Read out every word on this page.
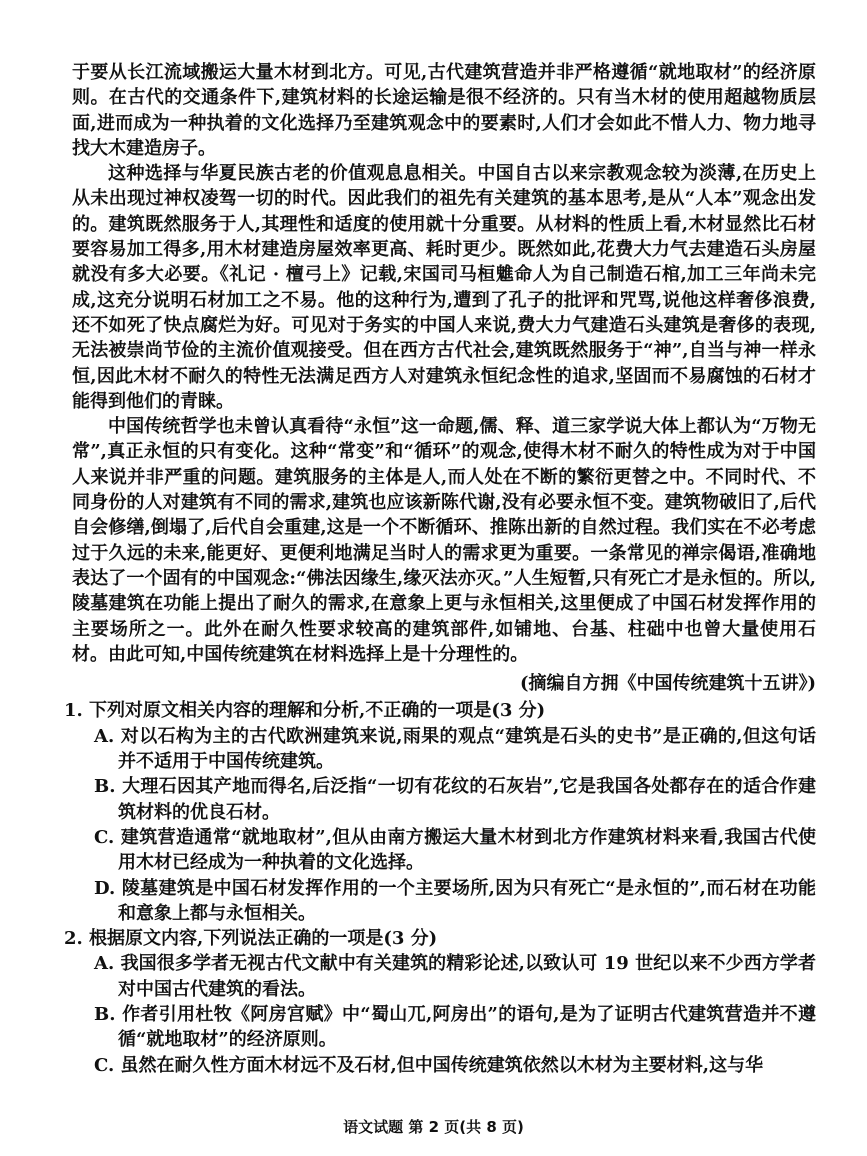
于要从长江流域搬运大量木材到北方。可见,古代建筑营造并非严格遵循“就地取材”的经济原则。在古代的交通条件下,建筑材料的长途运输是很不经济的。只有当木材的使用超越物质层面,进而成为一种执着的文化选择乃至建筑观念中的要素时,人们才会如此不惜人力、物力地寻找大木建造房子。

这种选择与华夏民族古老的价值观息息相关。中国自古以来宗教观念较为淡薄,在历史上从未出现过神权凌驾一切的时代。因此我们的祖先有关建筑的基本思考,是从“人本”观念出发的。建筑既然服务于人,其理性和适度的使用就十分重要。从材料的性质上看,木材显然比石材要容易加工得多,用木材建造房屋效率更高、耗时更少。既然如此,花费大力气去建造石头房屋就没有多大必要。《礼记 · 檀弓上》记载,宋国司马桓魋命人为自己制造石棺,加工三年尚未完成,这充分说明石材加工之不易。他的这种行为,遭到了孔子的批评和咒骂,说他这样奢侈浪费,还不如死了快点腐烂为好。可见对于务实的中国人来说,费大力气建造石头建筑是奢侈的表现,无法被崇尚节俭的主流价值观接受。但在西方古代社会,建筑既然服务于“神”,自当与神一样永恒,因此木材不耐久的特性无法满足西方人对建筑永恒纪念性的追求,坚固而不易腐蚀的石材才能得到他们的青睐。

中国传统哲学也未曾认真看待“永恒”这一命题,儒、释、道三家学说大体上都认为“万物无常”,真正永恒的只有变化。这种“常变”和“循环”的观念,使得木材不耐久的特性成为对于中国人来说并非严重的问题。建筑服务的主体是人,而人处在不断的繁衍更替之中。不同时代、不同身份的人对建筑有不同的需求,建筑也应该新陈代谢,没有必要永恒不变。建筑物破旧了,后代自会修缮,倒塌了,后代自会重建,这是一个不断循环、推陈出新的自然过程。我们实在不必考虑过于久远的未来,能更好、更便利地满足当时人的需求更为重要。一条常见的禅宗偈语,准确地表达了一个固有的中国观念:“佛法因缘生,缘灭法亦灭。”人生短暂,只有死亡才是永恒的。所以,陵墓建筑在功能上提出了耐久的需求,在意象上更与永恒相关,这里便成了中国石材发挥作用的主要场所之一。此外在耐久性要求较高的建筑部件,如铺地、台基、柱础中也曾大量使用石材。由此可知,中国传统建筑在材料选择上是十分理性的。

(摘编自方拥《中国传统建筑十五讲》)

1. 下列对原文相关内容的理解和分析,不正确的一项是(3 分)

A. 对以石构为主的古代欧洲建筑来说,雨果的观点“建筑是石头的史书”是正确的,但这句话并不适用于中国传统建筑。

B. 大理石因其产地而得名,后泛指“一切有花纹的石灰岩”,它是我国各处都存在的适合作建筑材料的优良石材。

C. 建筑营造通常“就地取材”,但从由南方搬运大量木材到北方作建筑材料来看,我国古代使用木材已经成为一种执着的文化选择。

D. 陵墓建筑是中国石材发挥作用的一个主要场所,因为只有死亡“是永恒的”,而石材在功能和意象上都与永恒相关。

2. 根据原文内容,下列说法正确的一项是(3 分)

A. 我国很多学者无视古代文献中有关建筑的精彩论述,以致认可 19 世纪以来不少西方学者对中国古代建筑的看法。

B. 作者引用杜牧《阿房宫赋》中“蜀山兀,阿房出”的语句,是为了证明古代建筑营造并不遵循“就地取材”的经济原则。

C. 虽然在耐久性方面木材远不及石材,但中国传统建筑依然以木材为主要材料,这与华

语文试题 第 2 页(共 8 页)
